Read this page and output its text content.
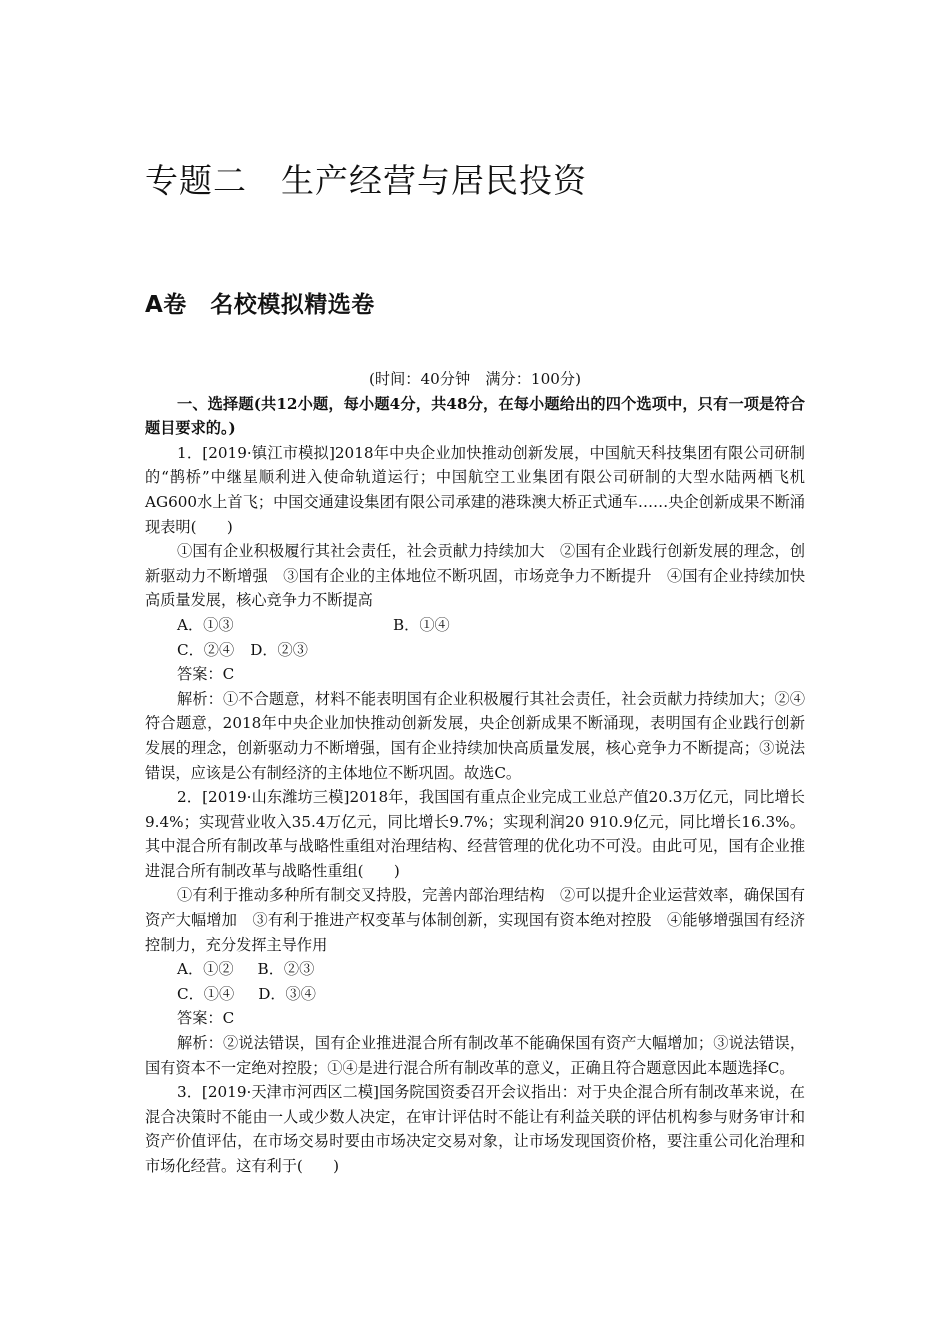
专题二　生产经营与居民投资
A卷　名校模拟精选卷
(时间：40分钟　满分：100分)
一、选择题(共12小题，每小题4分，共48分，在每小题给出的四个选项中，只有一项是符合题目要求的。)
1．[2019·镇江市模拟]2018年中央企业加快推动创新发展，中国航天科技集团有限公司研制的“鹊桥”中继星顺利进入使命轨道运行；中国航空工业集团有限公司研制的大型水陆两栖飞机AG600水上首飞；中国交通建设集团有限公司承建的港珠澳大桥正式通车……央企创新成果不断涌现表明(　　)
①国有企业积极履行其社会责任，社会贡献力持续加大　②国有企业践行创新发展的理念，创新驱动力不断增强　③国有企业的主体地位不断巩固，市场竞争力不断提升　④国有企业持续加快高质量发展，核心竞争力不断提高
A．①③	B．①④
C．②④ D．②③
答案：C
解析：①不合题意，材料不能表明国有企业积极履行其社会责任，社会贡献力持续加大；②④符合题意，2018年中央企业加快推动创新发展，央企创新成果不断涌现，表明国有企业践行创新发展的理念，创新驱动力不断增强，国有企业持续加快高质量发展，核心竞争力不断提高；③说法错误，应该是公有制经济的主体地位不断巩固。故选C。
2．[2019·山东潍坊三模]2018年，我国国有重点企业完成工业总产值20.3万亿元，同比增长9.4%；实现营业收入35.4万亿元，同比增长9.7%；实现利润20 910.9亿元，同比增长16.3%。其中混合所有制改革与战略性重组对治理结构、经营管理的优化功不可没。由此可见，国有企业推进混合所有制改革与战略性重组(　　)
①有利于推动多种所有制交叉持股，完善内部治理结构　②可以提升企业运营效率，确保国有资产大幅增加　③有利于推进产权变革与体制创新，实现国有资本绝对控股　④能够增强国有经济控制力，充分发挥主导作用
A．①② B．②③
C．①④ D．③④
答案：C
解析：②说法错误，国有企业推进混合所有制改革不能确保国有资产大幅增加；③说法错误，国有资本不一定绝对控股；①④是进行混合所有制改革的意义，正确且符合题意因此本题选择C。
3．[2019·天津市河西区二模]国务院国资委召开会议指出：对于央企混合所有制改革来说，在混合决策时不能由一人或少数人决定，在审计评估时不能让有利益关联的评估机构参与财务审计和资产价值评估，在市场交易时要由市场决定交易对象，让市场发现国资价格，要注重公司化治理和市场化经营。这有利于(　　)
